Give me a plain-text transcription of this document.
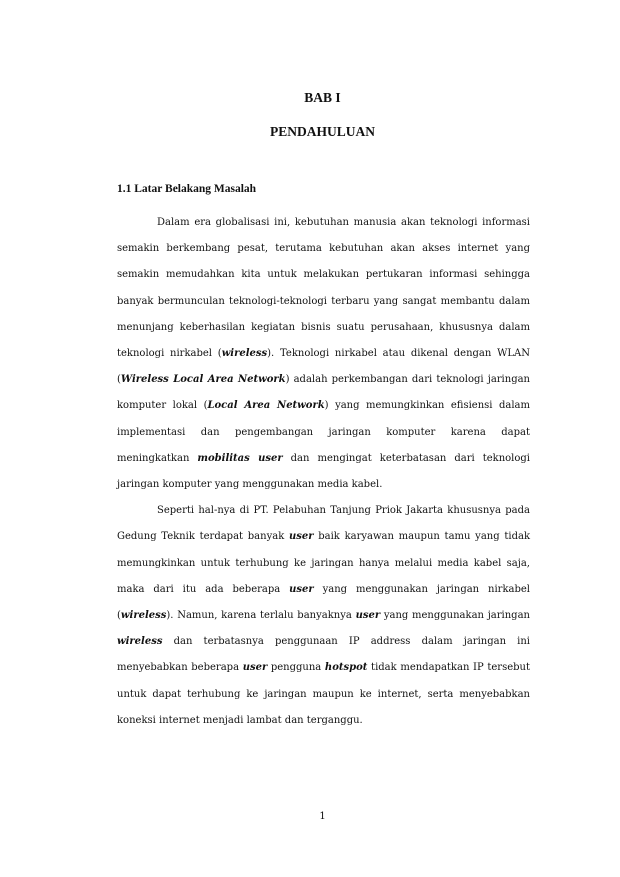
BAB I
PENDAHULUAN
1.1 Latar Belakang Masalah

Dalam era globalisasi ini, kebutuhan manusia akan teknologi informasi semakin berkembang pesat, terutama kebutuhan akan akses internet yang semakin memudahkan kita untuk melakukan pertukaran informasi sehingga banyak bermunculan teknologi-teknologi terbaru yang sangat membantu dalam menunjang keberhasilan kegiatan bisnis suatu perusahaan, khususnya dalam teknologi nirkabel (wireless). Teknologi nirkabel atau dikenal dengan WLAN (Wireless Local Area Network) adalah perkembangan dari teknologi jaringan komputer lokal (Local Area Network) yang memungkinkan efisiensi dalam implementasi dan pengembangan jaringan komputer karena dapat meningkatkan mobilitas user dan mengingat keterbatasan dari teknologi jaringan komputer yang menggunakan media kabel.

Seperti hal-nya di PT. Pelabuhan Tanjung Priok Jakarta khususnya pada Gedung Teknik terdapat banyak user baik karyawan maupun tamu yang tidak memungkinkan untuk terhubung ke jaringan hanya melalui media kabel saja, maka dari itu ada beberapa user yang menggunakan jaringan nirkabel (wireless). Namun, karena terlalu banyaknya user yang menggunakan jaringan wireless dan terbatasnya penggunaan IP address dalam jaringan ini menyebabkan beberapa user pengguna hotspot tidak mendapatkan IP tersebut untuk dapat terhubung ke jaringan maupun ke internet, serta menyebabkan koneksi internet menjadi lambat dan terganggu.

1
